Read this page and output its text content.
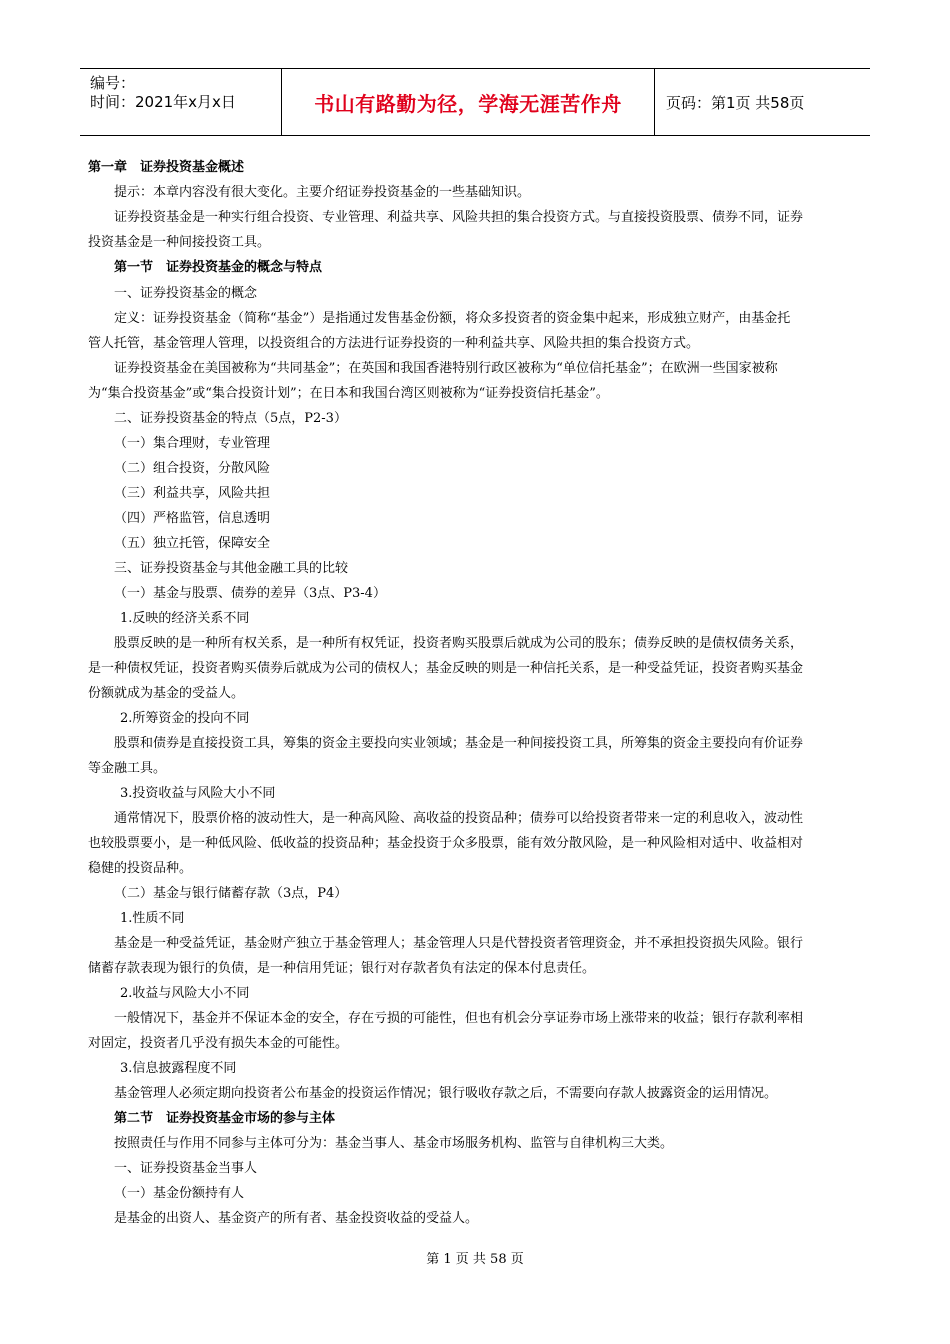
编号：
时间：2021年x月x日	书山有路勤为径，学海无涯苦作舟	页码：第1页 共58页
第一章　证券投资基金概述
提示：本章内容没有很大变化。主要介绍证券投资基金的一些基础知识。
证券投资基金是一种实行组合投资、专业管理、利益共享、风险共担的集合投资方式。与直接投资股票、债券不同，证券
投资基金是一种间接投资工具。
第一节　证券投资基金的概念与特点
一、证券投资基金的概念
定义：证券投资基金（简称“基金”）是指通过发售基金份额，将众多投资者的资金集中起来，形成独立财产，由基金托
管人托管，基金管理人管理，以投资组合的方法进行证券投资的一种利益共享、风险共担的集合投资方式。
证券投资基金在美国被称为“共同基金”；在英国和我国香港特别行政区被称为“单位信托基金”；在欧洲一些国家被称
为“集合投资基金”或“集合投资计划”；在日本和我国台湾区则被称为“证券投资信托基金”。
二、证券投资基金的特点（5点，P2-3）
（一）集合理财，专业管理
（二）组合投资，分散风险
（三）利益共享，风险共担
（四）严格监管，信息透明
（五）独立托管，保障安全
三、证券投资基金与其他金融工具的比较
（一）基金与股票、债券的差异（3点、P3-4）
1.反映的经济关系不同
股票反映的是一种所有权关系，是一种所有权凭证，投资者购买股票后就成为公司的股东；债券反映的是债权债务关系，
是一种债权凭证，投资者购买债券后就成为公司的债权人；基金反映的则是一种信托关系，是一种受益凭证，投资者购买基金
份额就成为基金的受益人。
2.所筹资金的投向不同
股票和债券是直接投资工具，筹集的资金主要投向实业领域；基金是一种间接投资工具，所筹集的资金主要投向有价证券
等金融工具。
3.投资收益与风险大小不同
通常情况下，股票价格的波动性大，是一种高风险、高收益的投资品种；债券可以给投资者带来一定的利息收入，波动性
也较股票要小，是一种低风险、低收益的投资品种；基金投资于众多股票，能有效分散风险，是一种风险相对适中、收益相对
稳健的投资品种。
（二）基金与银行储蓄存款（3点，P4）
1.性质不同
基金是一种受益凭证，基金财产独立于基金管理人；基金管理人只是代替投资者管理资金，并不承担投资损失风险。银行
储蓄存款表现为银行的负债，是一种信用凭证；银行对存款者负有法定的保本付息责任。
2.收益与风险大小不同
一般情况下，基金并不保证本金的安全，存在亏损的可能性，但也有机会分享证券市场上涨带来的收益；银行存款利率相
对固定，投资者几乎没有损失本金的可能性。
3.信息披露程度不同
基金管理人必须定期向投资者公布基金的投资运作情况；银行吸收存款之后，不需要向存款人披露资金的运用情况。
第二节　证券投资基金市场的参与主体
按照责任与作用不同参与主体可分为：基金当事人、基金市场服务机构、监管与自律机构三大类。
一、证券投资基金当事人
（一）基金份额持有人
是基金的出资人、基金资产的所有者、基金投资收益的受益人。
第 1 页 共 58 页
